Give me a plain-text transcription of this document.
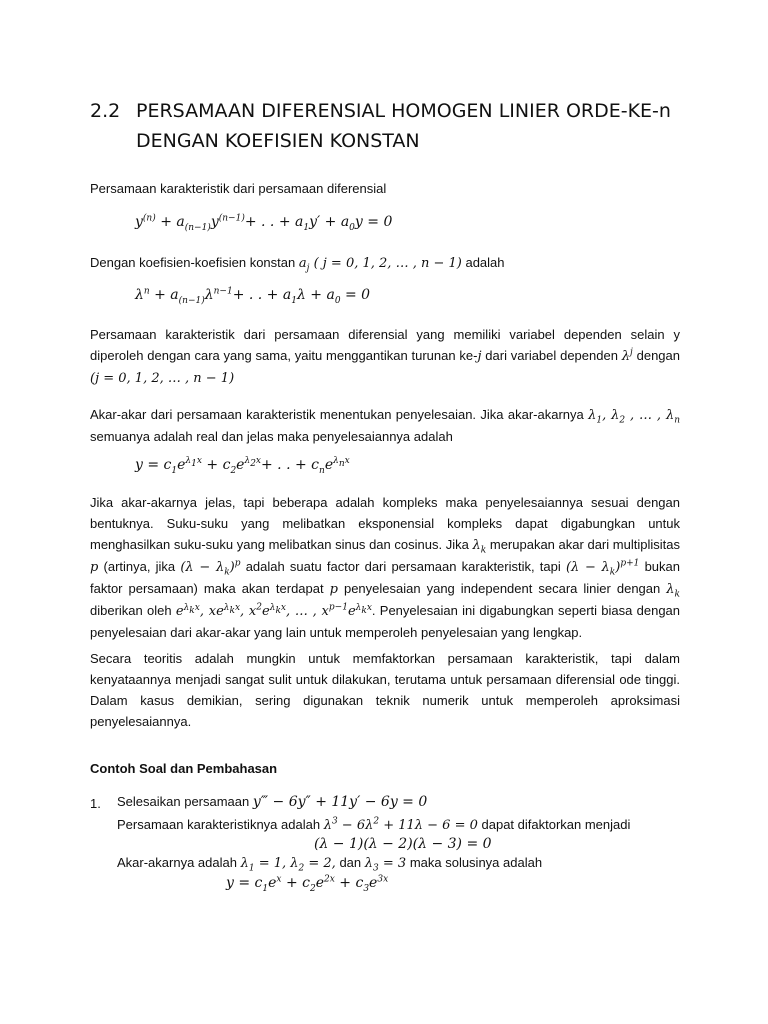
2.2 PERSAMAAN DIFERENSIAL HOMOGEN LINIER ORDE-KE-n DENGAN KOEFISIEN KONSTAN
Persamaan karakteristik dari persamaan diferensial
$y^{(n)} + a_{(n-1)}y^{(n-1)}+$ . . + $a_1y' + a_0y = 0$
Dengan koefisien-koefisien konstan $a_j$ ( j = 0, 1, 2, … , n − 1) adalah
$\lambda^n + a_{(n-1)}\lambda^{n-1}+$ . . + $a_1\lambda + a_0 = 0$
Persamaan karakteristik dari persamaan diferensial yang memiliki variabel dependen selain y diperoleh dengan cara yang sama, yaitu menggantikan turunan ke-j dari variabel dependen $\lambda^j$ dengan (j = 0, 1, 2, … , n − 1)
Akar-akar dari persamaan karakteristik menentukan penyelesaian. Jika akar-akarnya $\lambda_1$, $\lambda_2$ , … , $\lambda_n$ semuanya adalah real dan jelas maka penyelesaiannya adalah
$y = c_1e^{\lambda_1x} + c_2e^{\lambda_2x}+$ . . + $c_ne^{\lambda_nx}$
Jika akar-akarnya jelas, tapi beberapa adalah kompleks maka penyelesaiannya sesuai dengan bentuknya. Suku-suku yang melibatkan eksponensial kompleks dapat digabungkan untuk menghasilkan suku-suku yang melibatkan sinus dan cosinus. Jika $\lambda_k$ merupakan akar dari multiplisitas p (artinya, jika $(\lambda - \lambda_k)^p$ adalah suatu factor dari persamaan karakteristik, tapi $(\lambda - \lambda_k)^{p+1}$ bukan faktor persamaan) maka akan terdapat p penyelesaian yang independent secara linier dengan $\lambda_k$ diberikan oleh $e^{\lambda_kx}$, $xe^{\lambda_kx}$, $x^2e^{\lambda_kx}$, … , $x^{p-1}e^{\lambda_kx}$. Penyelesaian ini digabungkan seperti biasa dengan penyelesaian dari akar-akar yang lain untuk memperoleh penyelesaian yang lengkap.
Secara teoritis adalah mungkin untuk memfaktorkan persamaan karakteristik, tapi dalam kenyataannya menjadi sangat sulit untuk dilakukan, terutama untuk persamaan diferensial ode tinggi. Dalam kasus demikian, sering digunakan teknik numerik untuk memperoleh aproksimasi penyelesaiannya.
Contoh Soal dan Pembahasan
1. Selesaikan persamaan y‴ − 6y″ + 11y′ − 6y = 0
Persamaan karakteristiknya adalah $\lambda^3 - 6\lambda^2 + 11\lambda - 6 = 0$ dapat difaktorkan menjadi
(λ − 1)(λ − 2)(λ − 3) = 0
Akar-akarnya adalah $\lambda_1 = 1$, $\lambda_2 = 2$, dan $\lambda_3 = 3$ maka solusinya adalah
$y = c_1e^x + c_2e^{2x} + c_3e^{3x}$
